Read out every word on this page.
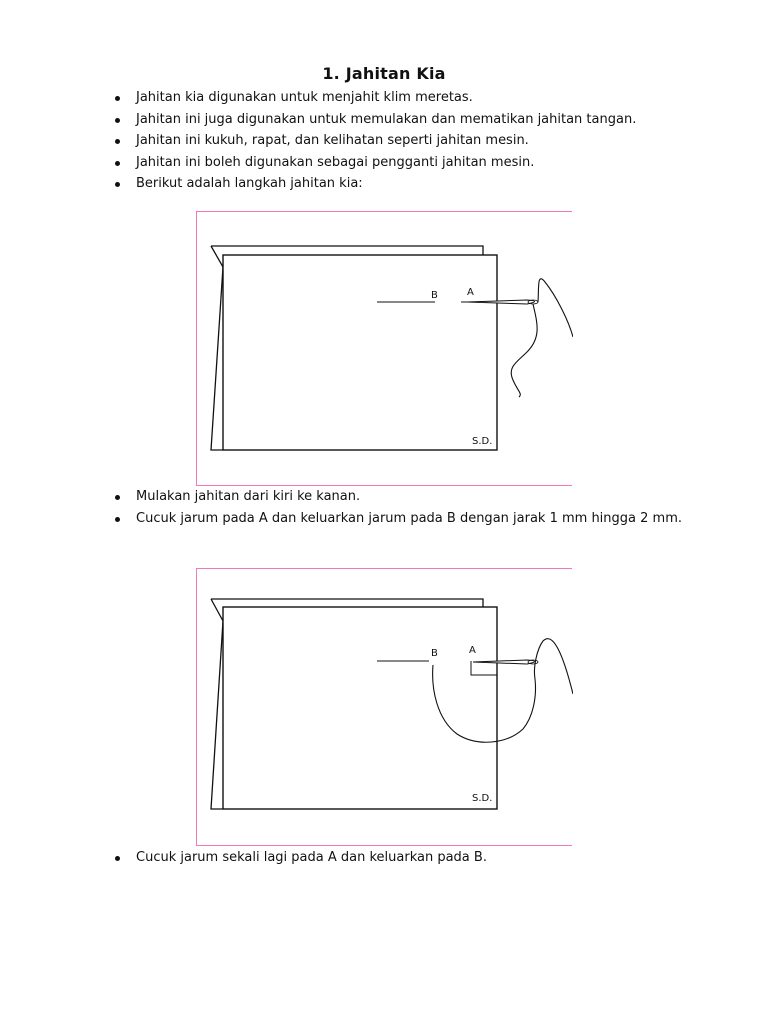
1. Jahitan Kia
Jahitan kia digunakan untuk menjahit klim meretas.
Jahitan ini juga digunakan untuk memulakan dan mematikan jahitan tangan.
Jahitan ini kukuh, rapat, dan kelihatan seperti jahitan mesin.
Jahitan ini boleh digunakan sebagai pengganti jahitan mesin.
Berikut adalah langkah jahitan kia:
B	A
S.D.
Mulakan jahitan dari kiri ke kanan.
Cucuk jarum pada A dan keluarkan jarum pada B dengan jarak 1 mm hingga 2 mm.
B	A
S.D.
Cucuk jarum sekali lagi pada A dan keluarkan pada B.
